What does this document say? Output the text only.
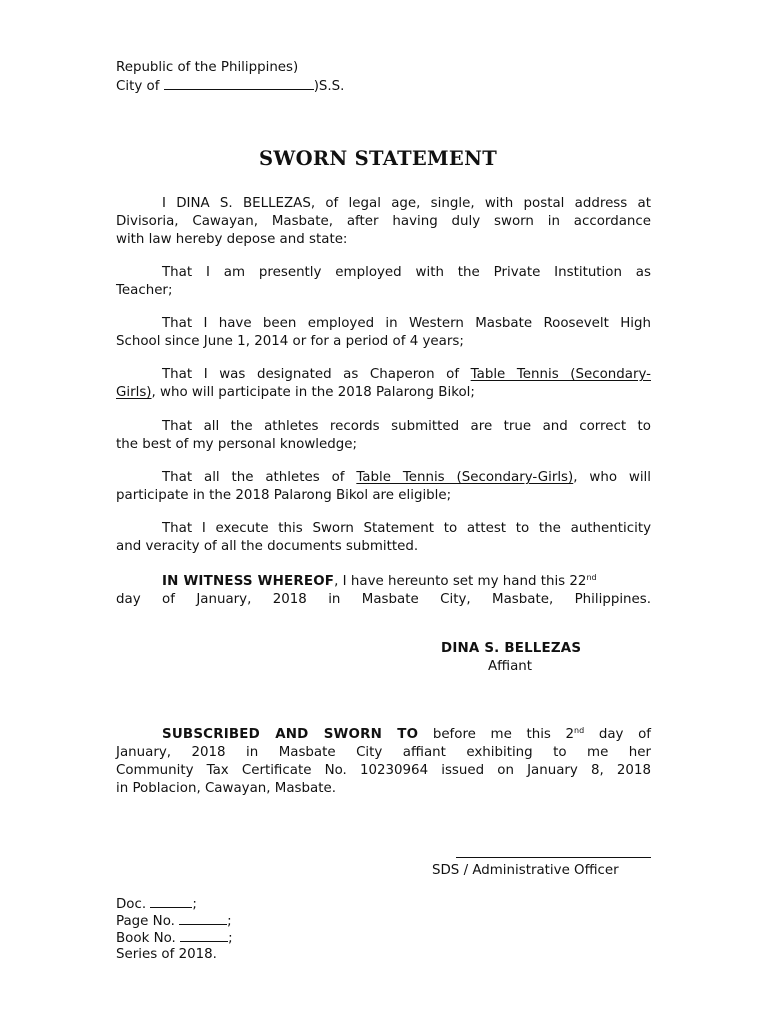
Republic of the Philippines)
City of	)S.S.
SWORN STATEMENT
I DINA S. BELLEZAS, of legal age, single, with postal address at
Divisoria, Cawayan, Masbate, after having duly sworn in accordance
with law hereby depose and state:
That I am presently employed with the Private Institution as
Teacher;
That I have been employed in Western Masbate Roosevelt High
School since June 1, 2014 or for a period of 4 years;
That I was designated as Chaperon of Table Tennis (Secondary-
Girls), who will participate in the 2018 Palarong Bikol;
That all the athletes records submitted are true and correct to
the best of my personal knowledge;
That all the athletes of Table Tennis (Secondary-Girls), who will
participate in the 2018 Palarong Bikol are eligible;
That I execute this Sworn Statement to attest to the authenticity
and veracity of all the documents submitted.
IN WITNESS WHEREOF, I have hereunto set my hand this 22nd
day of January, 2018 in Masbate City, Masbate, Philippines.
DINA S. BELLEZAS
Affiant
SUBSCRIBED AND SWORN TO before me this 2nd day of
January, 2018 in Masbate City affiant exhibiting to me her
Community Tax Certificate No. 10230964 issued on January 8, 2018
in Poblacion, Cawayan, Masbate.
SDS / Administrative Officer
Doc.	;
Page No.	;
Book No.	;
Series of 2018.
